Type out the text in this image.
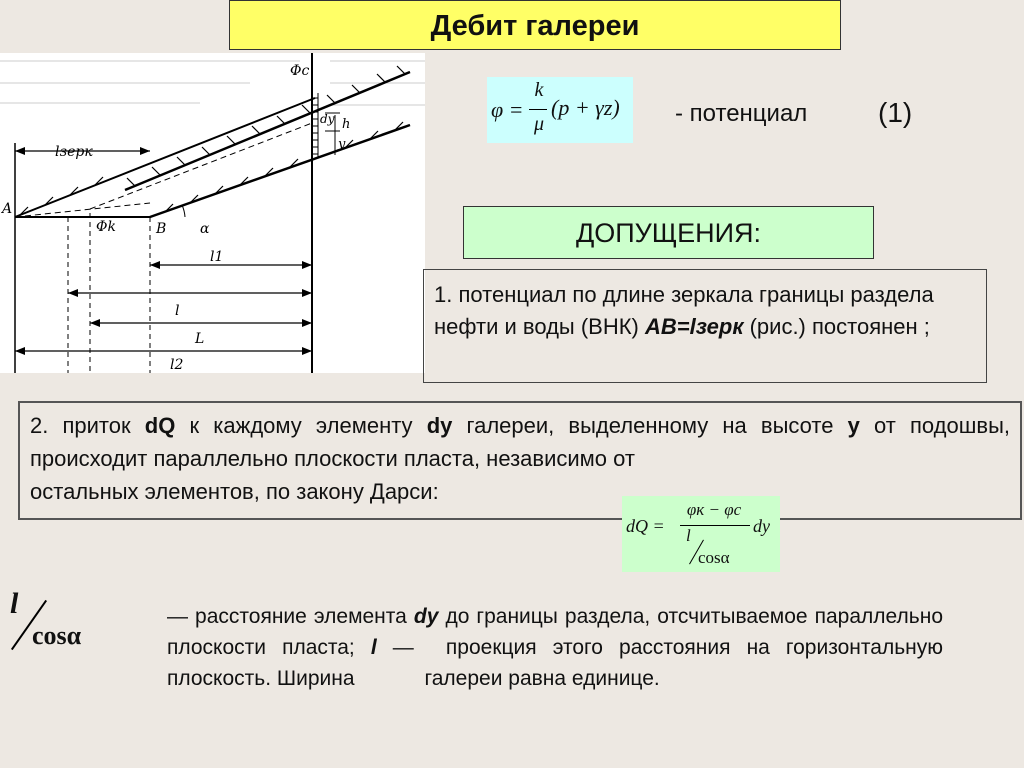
Дебит галереи
Φc
dy h
y
lзерк
A
Φk	B α
l1
l
L
l2
φ =
k
μ
(p + γz) - потенциал	(1)
ДОПУЩЕНИЯ:
1. потенциал по длине зеркала границы раздела нефти и воды (ВНК) АВ=lзерк (рис.) постоянен ;
2. приток dQ к каждому элементу dy галереи, выделенному на высоте y от подошвы, происходит параллельно плоскости пласта, независимо от
остальных элементов, по закону Дарси:
dQ =
φк − φс
l
cosα
dy
l
cosα
— расстояние элемента dy до границы раздела, отсчитываемое параллельно плоскости пласта; l —  проекция этого расстояния на горизонтальную плоскость. Ширина            галереи равна единице.
